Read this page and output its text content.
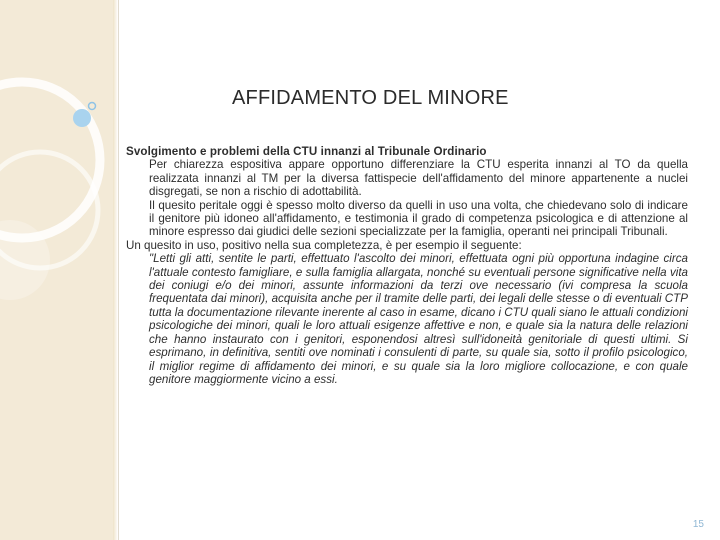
AFFIDAMENTO DEL MINORE

Svolgimento e problemi della CTU innanzi al Tribunale Ordinario

Per chiarezza espositiva appare opportuno differenziare la CTU esperita innanzi al TO da quella realizzata innanzi al TM per la diversa fattispecie dell'affidamento del minore appartenente a nuclei disgregati, se non a rischio di adottabilità.

Il quesito peritale oggi è spesso molto diverso da quelli in uso una volta, che chiedevano solo di indicare il genitore più idoneo all'affidamento, e testimonia il grado di competenza psicologica e di attenzione al minore espresso dai giudici delle sezioni specializzate per la famiglia, operanti nei principali Tribunali.

Un quesito in uso, positivo nella sua completezza, è per esempio il seguente:

"Letti gli atti, sentite le parti, effettuato l'ascolto dei minori, effettuata ogni più opportuna indagine circa l'attuale contesto famigliare, e sulla famiglia allargata, nonché su eventuali persone significative nella vita dei coniugi e/o dei minori, assunte informazioni da terzi ove necessario (ivi compresa la scuola frequentata dai minori), acquisita anche per il tramite delle parti, dei legali delle stesse o di eventuali CTP tutta la documentazione rilevante inerente al caso in esame, dicano i CTU quali siano le attuali condizioni psicologiche dei minori, quali le loro attuali esigenze affettive e non, e quale sia la natura delle relazioni che hanno instaurato con i genitori, esponendosi altresì sull'idoneità genitoriale di questi ultimi. Si esprimano, in definitiva, sentiti ove nominati i consulenti di parte, su quale sia, sotto il profilo psicologico, il miglior regime di affidamento dei minori, e su quale sia la loro migliore collocazione, e con quale genitore maggiormente vicino a essi.

15
